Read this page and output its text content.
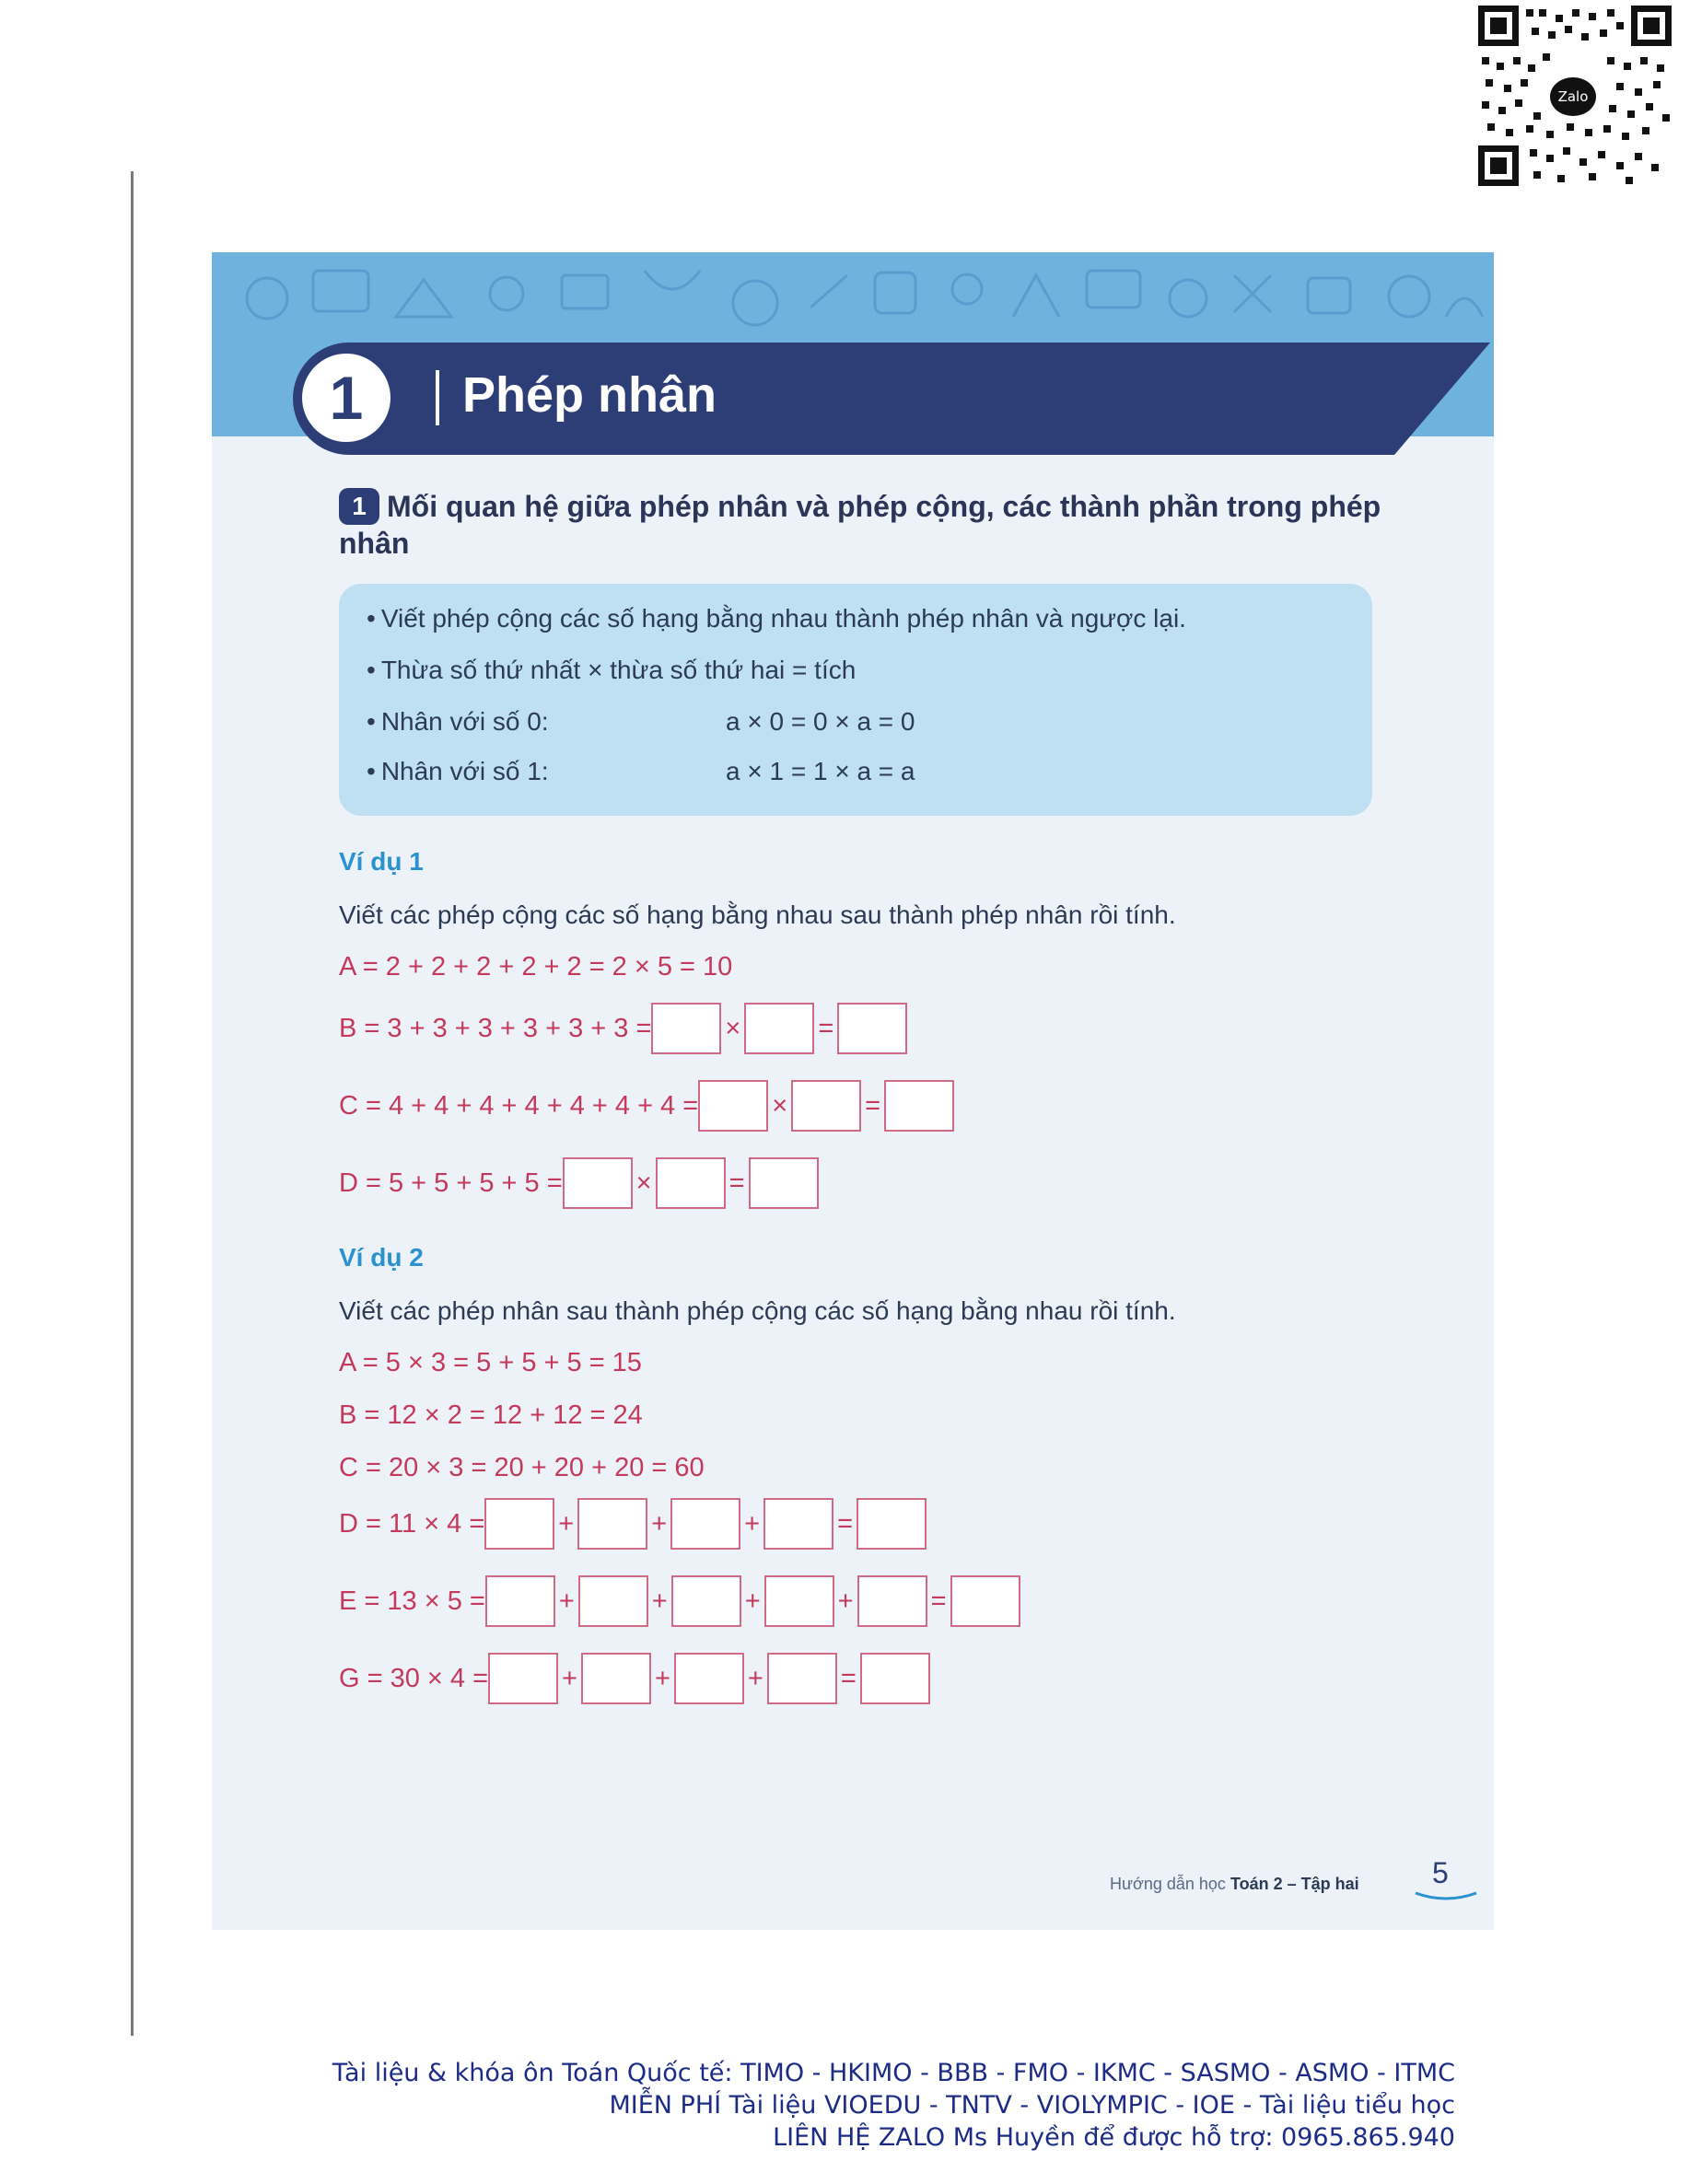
Zalo
1	Phép nhân
1 Mối quan hệ giữa phép nhân và phép cộng, các thành phần trong phép nhân
• Viết phép cộng các số hạng bằng nhau thành phép nhân và ngược lại.
• Thừa số thứ nhất × thừa số thứ hai = tích
• Nhân với số 0:	a × 0 = 0 × a = 0
• Nhân với số 1:	a × 1 = 1 × a = a
Ví dụ 1
Viết các phép cộng các số hạng bằng nhau sau thành phép nhân rồi tính.
A = 2 + 2 + 2 + 2 + 2 = 2 × 5 = 10
B = 3 + 3 + 3 + 3 + 3 + 3 =	×	=
C = 4 + 4 + 4 + 4 + 4 + 4 + 4 =	×	=
D = 5 + 5 + 5 + 5 =	×	=
Ví dụ 2
Viết các phép nhân sau thành phép cộng các số hạng bằng nhau rồi tính.
A = 5 × 3 = 5 + 5 + 5 = 15
B = 12 × 2 = 12 + 12 = 24
C = 20 × 3 = 20 + 20 + 20 = 60
D = 11 × 4 =	+	+	+	=
E = 13 × 5 =	+	+	+	+	=
G = 30 × 4 =	+	+	+	=
Hướng dẫn học Toán 2 – Tập hai 5
Tài liệu & khóa ôn Toán Quốc tế: TIMO - HKIMO - BBB - FMO - IKMC - SASMO - ASMO - ITMC
MIỄN PHÍ Tài liệu VIOEDU - TNTV - VIOLYMPIC - IOE - Tài liệu tiểu học
LIÊN HỆ ZALO Ms Huyền để được hỗ trợ: 0965.865.940
